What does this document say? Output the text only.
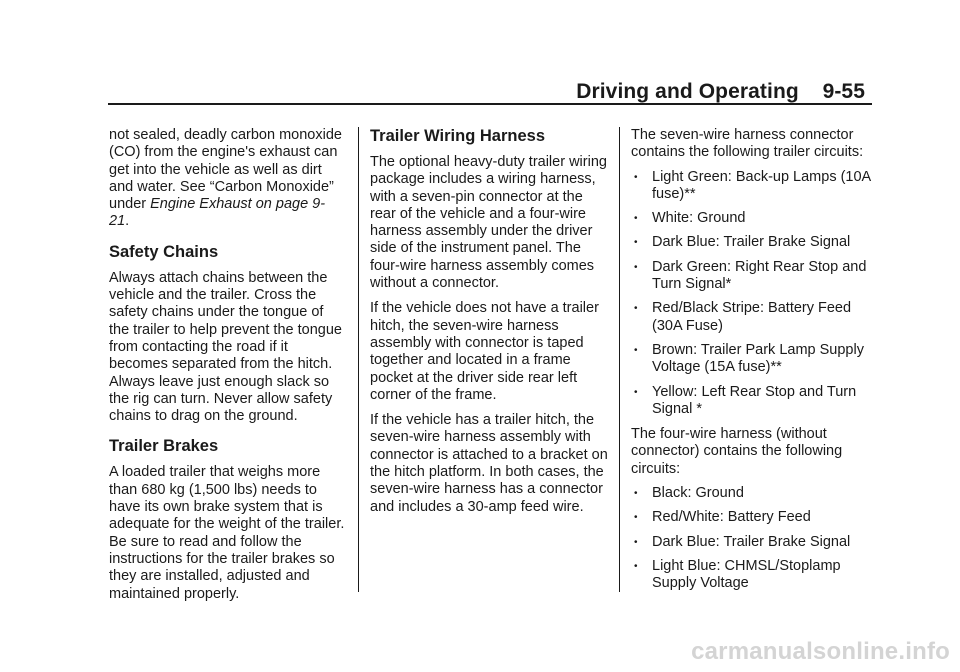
Driving and Operating 9-55

not sealed, deadly carbon monoxide (CO) from the engine's exhaust can get into the vehicle as well as dirt and water. See “Carbon Monoxide” under Engine Exhaust on page 9-21.

Safety Chains

Always attach chains between the vehicle and the trailer. Cross the safety chains under the tongue of the trailer to help prevent the tongue from contacting the road if it becomes separated from the hitch. Always leave just enough slack so the rig can turn. Never allow safety chains to drag on the ground.

Trailer Brakes

A loaded trailer that weighs more than 680 kg (1,500 lbs) needs to have its own brake system that is adequate for the weight of the trailer. Be sure to read and follow the instructions for the trailer brakes so they are installed, adjusted and maintained properly.

Trailer Wiring Harness

The optional heavy-duty trailer wiring package includes a wiring harness, with a seven-pin connector at the rear of the vehicle and a four-wire harness assembly under the driver side of the instrument panel. The four-wire harness assembly comes without a connector.

If the vehicle does not have a trailer hitch, the seven-wire harness assembly with connector is taped together and located in a frame pocket at the driver side rear left corner of the frame.

If the vehicle has a trailer hitch, the seven-wire harness assembly with connector is attached to a bracket on the hitch platform. In both cases, the seven-wire harness has a connector and includes a 30-amp feed wire.

The seven-wire harness connector contains the following trailer circuits:

• Light Green: Back-up Lamps (10A fuse)**
• White: Ground
• Dark Blue: Trailer Brake Signal
• Dark Green: Right Rear Stop and Turn Signal*
• Red/Black Stripe: Battery Feed (30A Fuse)
• Brown: Trailer Park Lamp Supply Voltage (15A fuse)**
• Yellow: Left Rear Stop and Turn Signal *

The four-wire harness (without connector) contains the following circuits:

• Black: Ground
• Red/White: Battery Feed
• Dark Blue: Trailer Brake Signal
• Light Blue: CHMSL/Stoplamp Supply Voltage
carmanualsonline.info
